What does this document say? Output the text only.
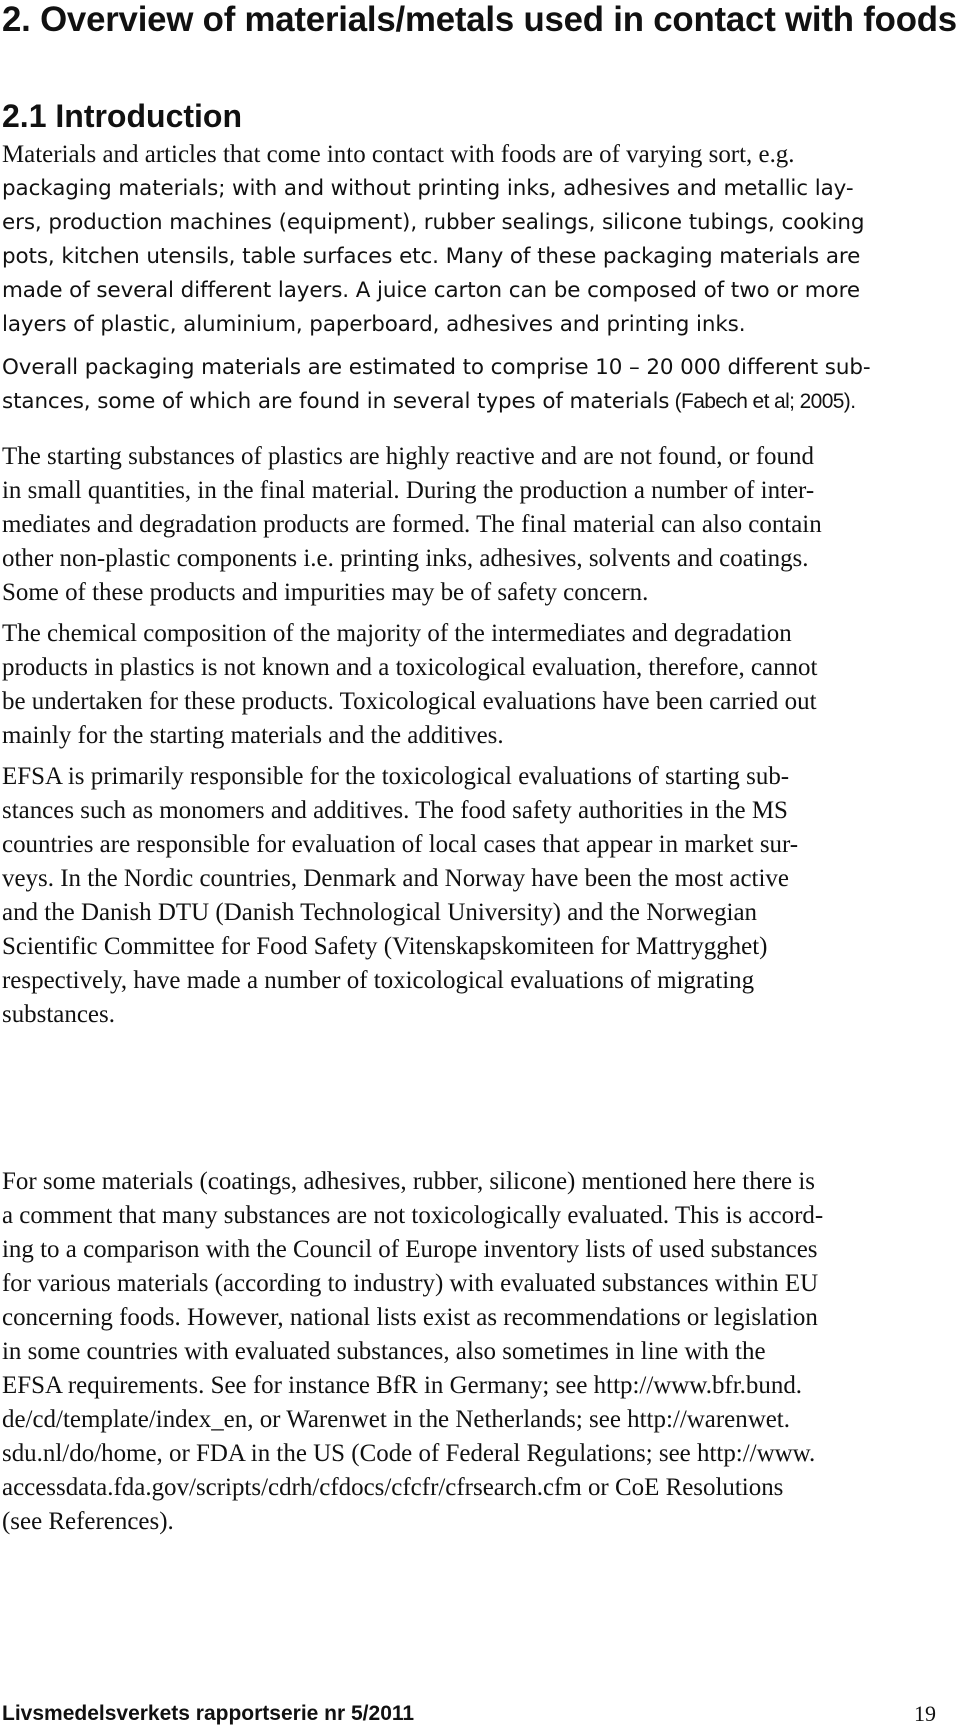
2. Overview of materials/metals used in contact with foods
2.1 Introduction

Materials and articles that come into contact with foods are of varying sort, e.g.
packaging materials; with and without printing inks, adhesives and metallic lay-
ers, production machines (equipment), rubber sealings, silicone tubings, cooking
pots, kitchen utensils, table surfaces etc. Many of these packaging materials are
made of several different layers. A juice carton can be composed of two or more
layers of plastic, aluminium, paperboard, adhesives and printing inks.

Overall packaging materials are estimated to comprise 10 – 20 000 different sub-
stances, some of which are found in several types of materials (Fabech et al; 2005).

The starting substances of plastics are highly reactive and are not found, or found
in small quantities, in the final material. During the production a number of inter-
mediates and degradation products are formed. The final material can also contain
other non-plastic components i.e. printing inks, adhesives, solvents and coatings.
Some of these products and impurities may be of safety concern.

The chemical composition of the majority of the intermediates and degradation
products in plastics is not known and a toxicological evaluation, therefore, cannot
be undertaken for these products. Toxicological evaluations have been carried out
mainly for the starting materials and the additives.

EFSA is primarily responsible for the toxicological evaluations of starting sub-
stances such as monomers and additives. The food safety authorities in the MS
countries are responsible for evaluation of local cases that appear in market sur-
veys. In the Nordic countries, Denmark and Norway have been the most active
and the Danish DTU (Danish Technological University) and the Norwegian
Scientific Committee for Food Safety (Vitenskapskomiteen for Mattrygghet)
respectively, have made a number of toxicological evaluations of migrating
substances.

For some materials (coatings, adhesives, rubber, silicone) mentioned here there is
a comment that many substances are not toxicologically evaluated. This is accord-
ing to a comparison with the Council of Europe inventory lists of used substances
for various materials (according to industry) with evaluated substances within EU
concerning foods. However, national lists exist as recommendations or legislation
in some countries with evaluated substances, also sometimes in line with the
EFSA requirements. See for instance BfR in Germany; see http://www.bfr.bund.
de/cd/template/index_en, or Warenwet in the Netherlands; see http://warenwet.
sdu.nl/do/home, or FDA in the US (Code of Federal Regulations; see http://www.
accessdata.fda.gov/scripts/cdrh/cfdocs/cfcfr/cfrsearch.cfm or CoE Resolutions
(see References).

Livsmedelsverkets rapportserie nr 5/2011	19
